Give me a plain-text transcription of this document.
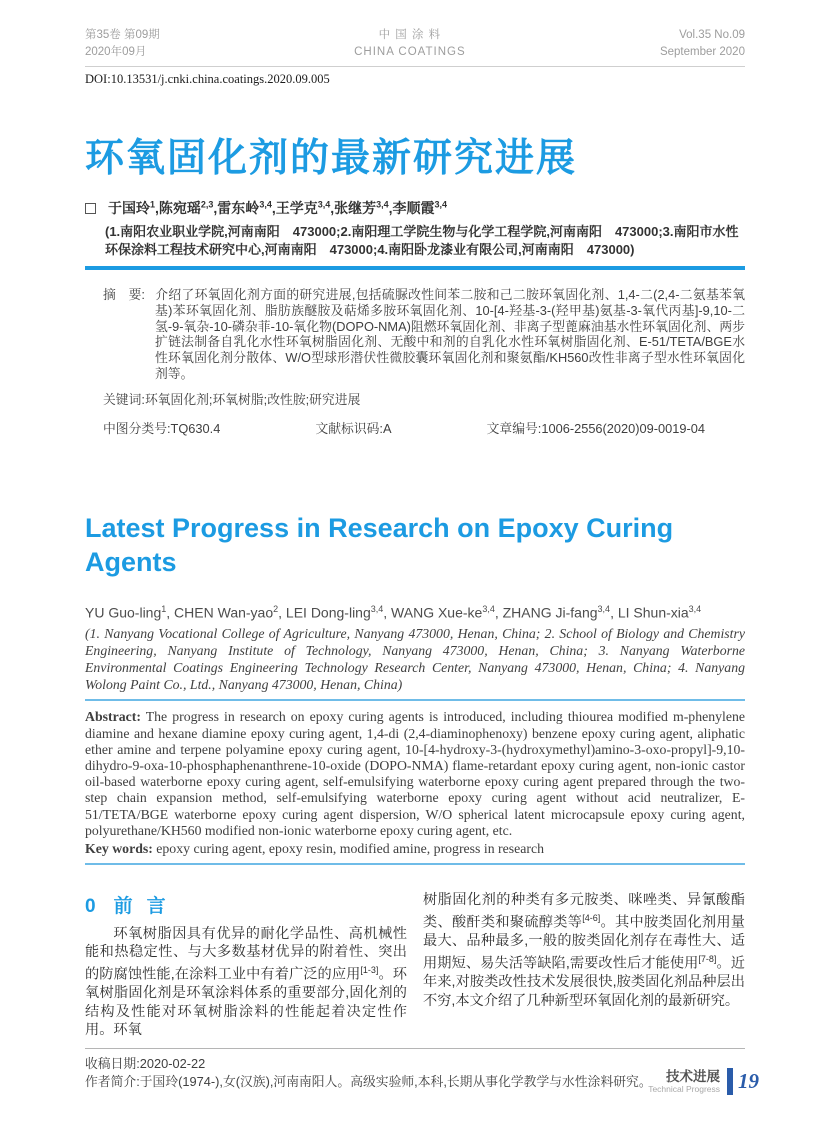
第35卷 第09期
2020年09月
中 国 涂 料
CHINA COATINGS
Vol.35 No.09
September 2020
DOI:10.13531/j.cnki.china.coatings.2020.09.005
环氧固化剂的最新研究进展
于国玲$^1$,陈宛瑶$^{2,3}$,雷东岭$^{3,4}$,王学克$^{3,4}$,张继芳$^{3,4}$,李顺霞$^{3,4}$
(1.南阳农业职业学院,河南南阳　473000;2.南阳理工学院生物与化学工程学院,河南南阳　473000;3.南阳市水性环保涂料工程技术研究中心,河南南阳　473000;4.南阳卧龙漆业有限公司,河南南阳　473000)
摘　要: 介绍了环氧固化剂方面的研究进展,包括硫脲改性间苯二胺和己二胺环氧固化剂、1,4-二(2,4-二氨基苯氧基)苯环氧固化剂、脂肪族醚胺及萜烯多胺环氧固化剂、10-[4-羟基-3-(羟甲基)氨基-3-氧代丙基]-9,10-二氢-9-氧杂-10-磷杂菲-10-氧化物(DOPO-NMA)阻燃环氧固化剂、非离子型蓖麻油基水性环氧固化剂、两步扩链法制备自乳化水性环氧树脂固化剂、无酸中和剂的自乳化水性环氧树脂固化剂、E-51/TETA/BGE水性环氧固化剂分散体、W/O型球形潜伏性微胶囊环氧固化剂和聚氨酯/KH560改性非离子型水性环氧固化剂等。
关键词:环氧固化剂;环氧树脂;改性胺;研究进展
中图分类号:TQ630.4	文献标识码:A	文章编号:1006-2556(2020)09-0019-04
Latest Progress in Research on Epoxy Curing Agents
YU Guo-ling$^1$, CHEN Wan-yao$^2$, LEI Dong-ling$^{3,4}$, WANG Xue-ke$^{3,4}$, ZHANG Ji-fang$^{3,4}$, LI Shun-xia$^{3,4}$
(1. Nanyang Vocational College of Agriculture, Nanyang 473000, Henan, China; 2. School of Biology and Chemistry Engineering, Nanyang Institute of Technology, Nanyang 473000, Henan, China; 3. Nanyang Waterborne Environmental Coatings Engineering Technology Research Center, Nanyang 473000, Henan, China; 4. Nanyang Wolong Paint Co., Ltd., Nanyang 473000, Henan, China)
Abstract: The progress in research on epoxy curing agents is introduced, including thiourea modified m-phenylene diamine and hexane diamine epoxy curing agent, 1,4-di (2,4-diaminophenoxy) benzene epoxy curing agent, aliphatic ether amine and terpene polyamine epoxy curing agent, 10-[4-hydroxy-3-(hydroxymethyl)amino-3-oxo-propyl]-9,10-dihydro-9-oxa-10-phosphaphenanthrene-10-oxide (DOPO-NMA) flame-retardant epoxy curing agent, non-ionic castor oil-based waterborne epoxy curing agent, self-emulsifying waterborne epoxy curing agent prepared through the two-step chain expansion method, self-emulsifying waterborne epoxy curing agent without acid neutralizer, E-51/TETA/BGE waterborne epoxy curing agent dispersion, W/O spherical latent microcapsule epoxy curing agent, polyurethane/KH560 modified non-ionic waterborne epoxy curing agent, etc.
Key words: epoxy curing agent, epoxy resin, modified amine, progress in research
0 前言

环氧树脂因具有优异的耐化学品性、高机械性能和热稳定性、与大多数基材优异的附着性、突出的防腐蚀性能,在涂料工业中有着广泛的应用[1-3]。环氧树脂固化剂是环氧涂料体系的重要部分,固化剂的结构及性能对环氧树脂涂料的性能起着决定性作用。环氧

树脂固化剂的种类有多元胺类、咪唑类、异氰酸酯类、酸酐类和聚硫醇类等[4-6]。其中胺类固化剂用量最大、品种最多,一般的胺类固化剂存在毒性大、适用期短、易失活等缺陷,需要改性后才能使用[7-8]。近年来,对胺类改性技术发展很快,胺类固化剂品种层出不穷,本文介绍了几种新型环氧固化剂的最新研究。

收稿日期:2020-02-22
作者简介:于国玲(1974-),女(汉族),河南南阳人。高级实验师,本科,长期从事化学教学与水性涂料研究。	技术进展
Technical Progress 19
